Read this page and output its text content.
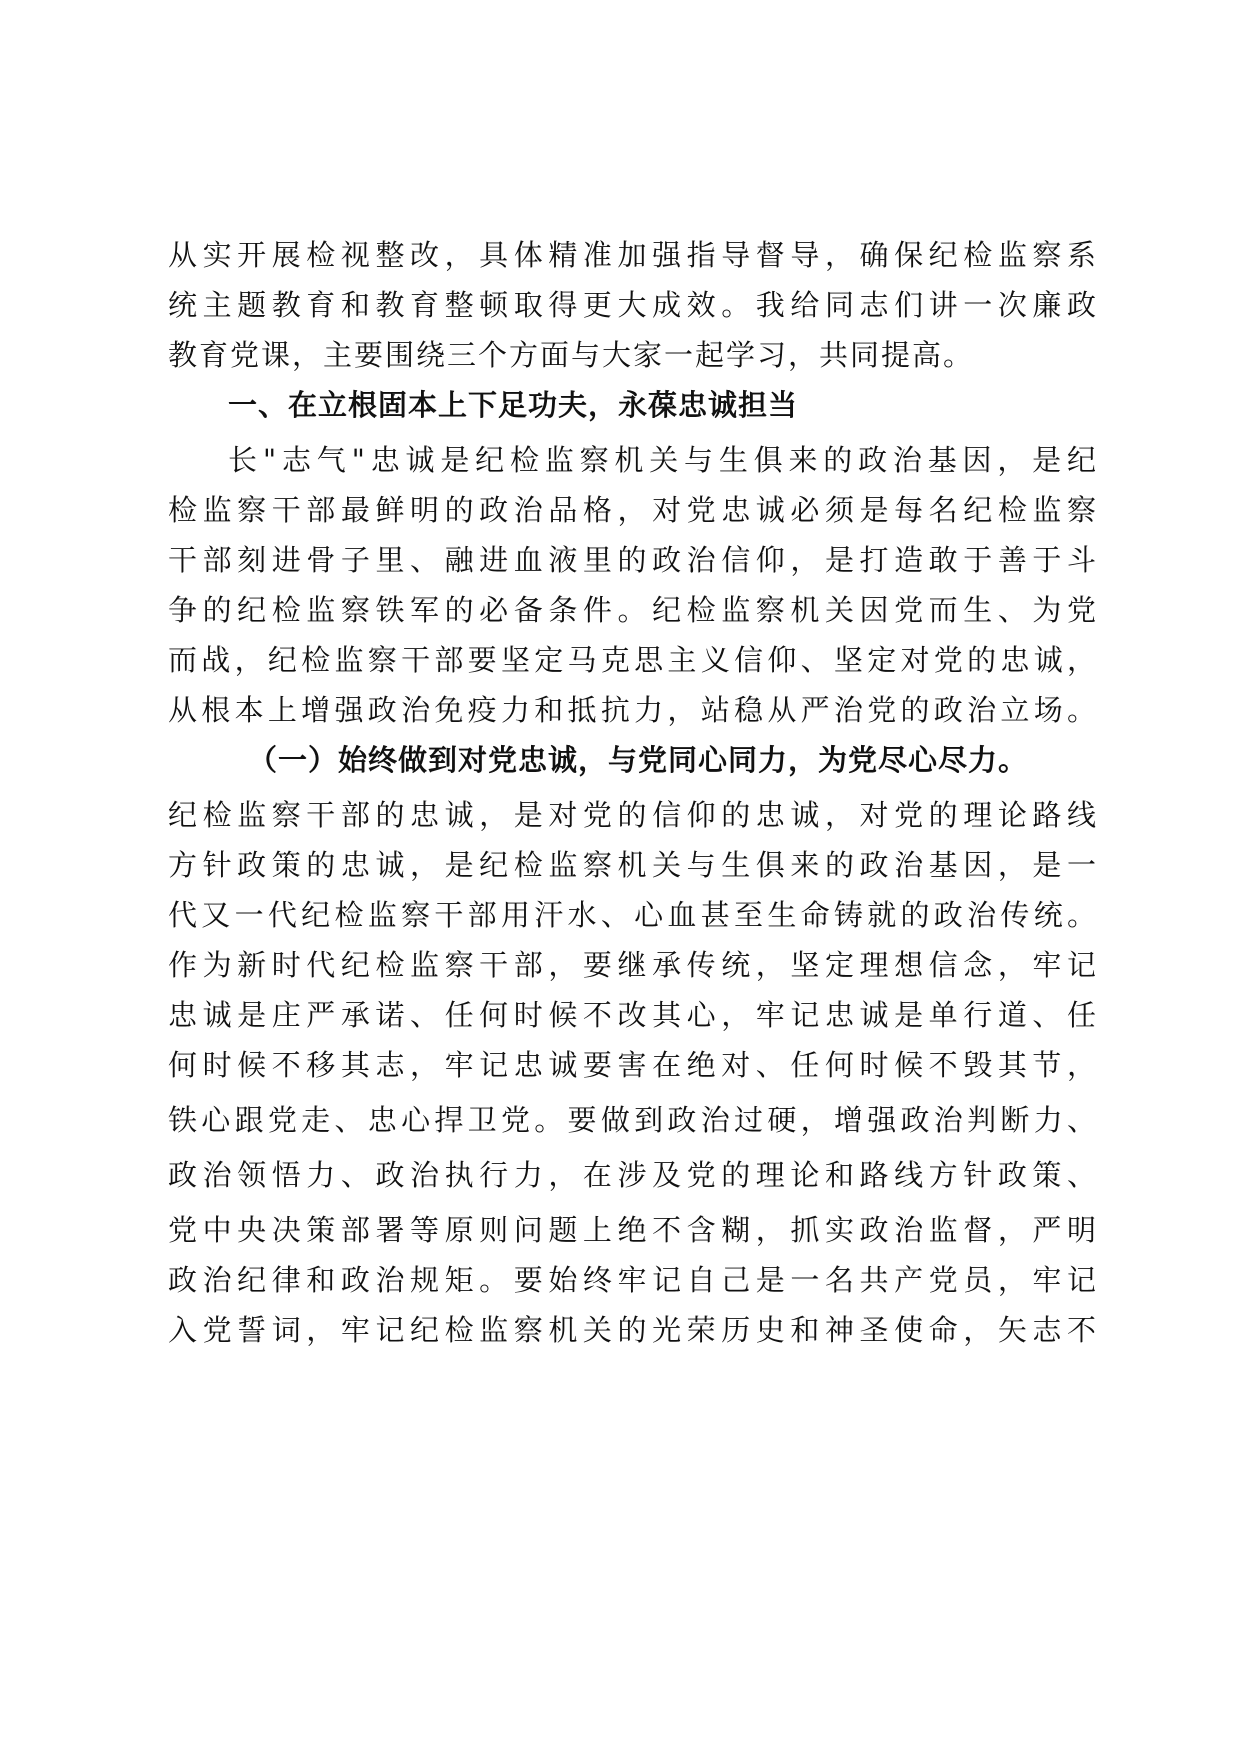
从实开展检视整改，具体精准加强指导督导，确保纪检监察系
统主题教育和教育整顿取得更大成效。我给同志们讲一次廉政
教育党课，主要围绕三个方面与大家一起学习，共同提高。
一、在立根固本上下足功夫，永葆忠诚担当
长"志气"忠诚是纪检监察机关与生俱来的政治基因，是纪
检监察干部最鲜明的政治品格，对党忠诚必须是每名纪检监察
干部刻进骨子里、融进血液里的政治信仰，是打造敢于善于斗
争的纪检监察铁军的必备条件。纪检监察机关因党而生、为党
而战，纪检监察干部要坚定马克思主义信仰、坚定对党的忠诚，
从根本上增强政治免疫力和抵抗力，站稳从严治党的政治立场。
（一）始终做到对党忠诚，与党同心同力，为党尽心尽力。
纪检监察干部的忠诚，是对党的信仰的忠诚，对党的理论路线
方针政策的忠诚，是纪检监察机关与生俱来的政治基因，是一
代又一代纪检监察干部用汗水、心血甚至生命铸就的政治传统。
作为新时代纪检监察干部，要继承传统，坚定理想信念，牢记
忠诚是庄严承诺、任何时候不改其心，牢记忠诚是单行道、任
何时候不移其志，牢记忠诚要害在绝对、任何时候不毁其节，
铁心跟党走、忠心捍卫党。要做到政治过硬，增强政治判断力、
政治领悟力、政治执行力，在涉及党的理论和路线方针政策、
党中央决策部署等原则问题上绝不含糊，抓实政治监督，严明
政治纪律和政治规矩。要始终牢记自己是一名共产党员，牢记
入党誓词，牢记纪检监察机关的光荣历史和神圣使命，矢志不
